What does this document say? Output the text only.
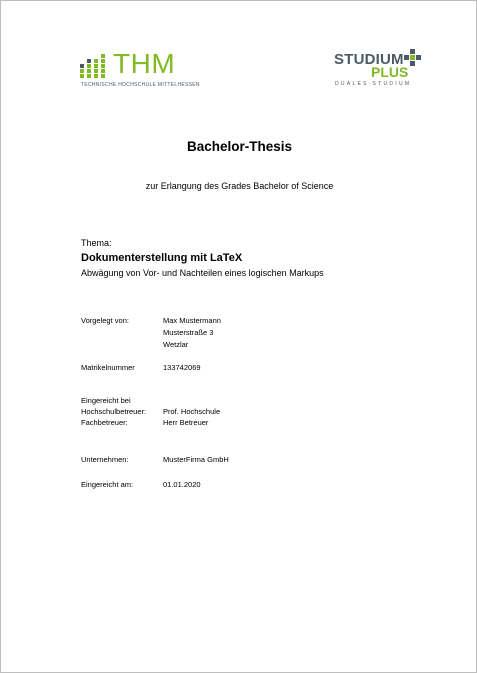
THM
TECHNISCHE HOCHSCHULE MITTELHESSEN
STUDIUM
PLUS
DUALES STUDIUM
Bachelor-Thesis
zur Erlangung des Grades Bachelor of Science
Thema:
Dokumenterstellung mit LaTeX
Abwägung von Vor- und Nachteilen eines logischen Markups
Vorgelegt von:	Max Mustermann
Musterstraße 3
Wetzlar
Matrikelnummer	133742069
Eingereicht bei
Hochschulbetreuer: Prof. Hochschule
Fachbetreuer:	Herr Betreuer
Unternehmen:	MusterFirma GmbH
Eingereicht am:	01.01.2020
